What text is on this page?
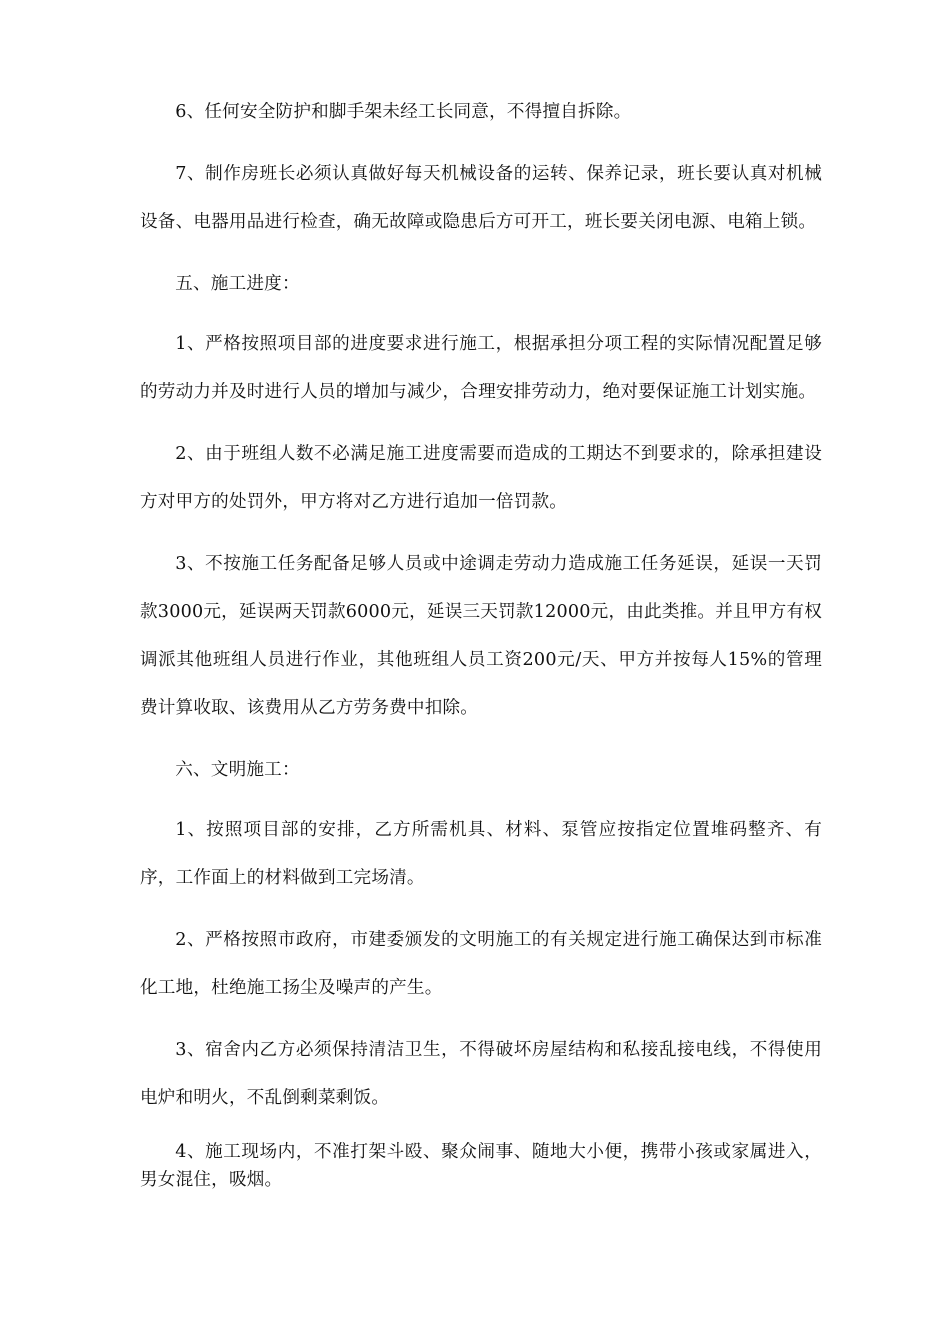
6、任何安全防护和脚手架未经工长同意，不得擅自拆除。

7、制作房班长必须认真做好每天机械设备的运转、保养记录，班长要认真对机械设备、电器用品进行检查，确无故障或隐患后方可开工，班长要关闭电源、电箱上锁。

五、施工进度：

1、严格按照项目部的进度要求进行施工，根据承担分项工程的实际情况配置足够的劳动力并及时进行人员的增加与减少，合理安排劳动力，绝对要保证施工计划实施。

2、由于班组人数不必满足施工进度需要而造成的工期达不到要求的，除承担建设方对甲方的处罚外，甲方将对乙方进行追加一倍罚款。

3、不按施工任务配备足够人员或中途调走劳动力造成施工任务延误，延误一天罚款3000元，延误两天罚款6000元，延误三天罚款12000元，由此类推。并且甲方有权调派其他班组人员进行作业，其他班组人员工资200元/天、甲方并按每人15%的管理费计算收取、该费用从乙方劳务费中扣除。

六、文明施工：

1、按照项目部的安排，乙方所需机具、材料、泵管应按指定位置堆码整齐、有序，工作面上的材料做到工完场清。

2、严格按照市政府，市建委颁发的文明施工的有关规定进行施工确保达到市标准化工地，杜绝施工扬尘及噪声的产生。

3、宿舍内乙方必须保持清洁卫生，不得破坏房屋结构和私接乱接电线，不得使用电炉和明火，不乱倒剩菜剩饭。

4、施工现场内，不准打架斗殴、聚众闹事、随地大小便，携带小孩或家属进入，男女混住，吸烟。
